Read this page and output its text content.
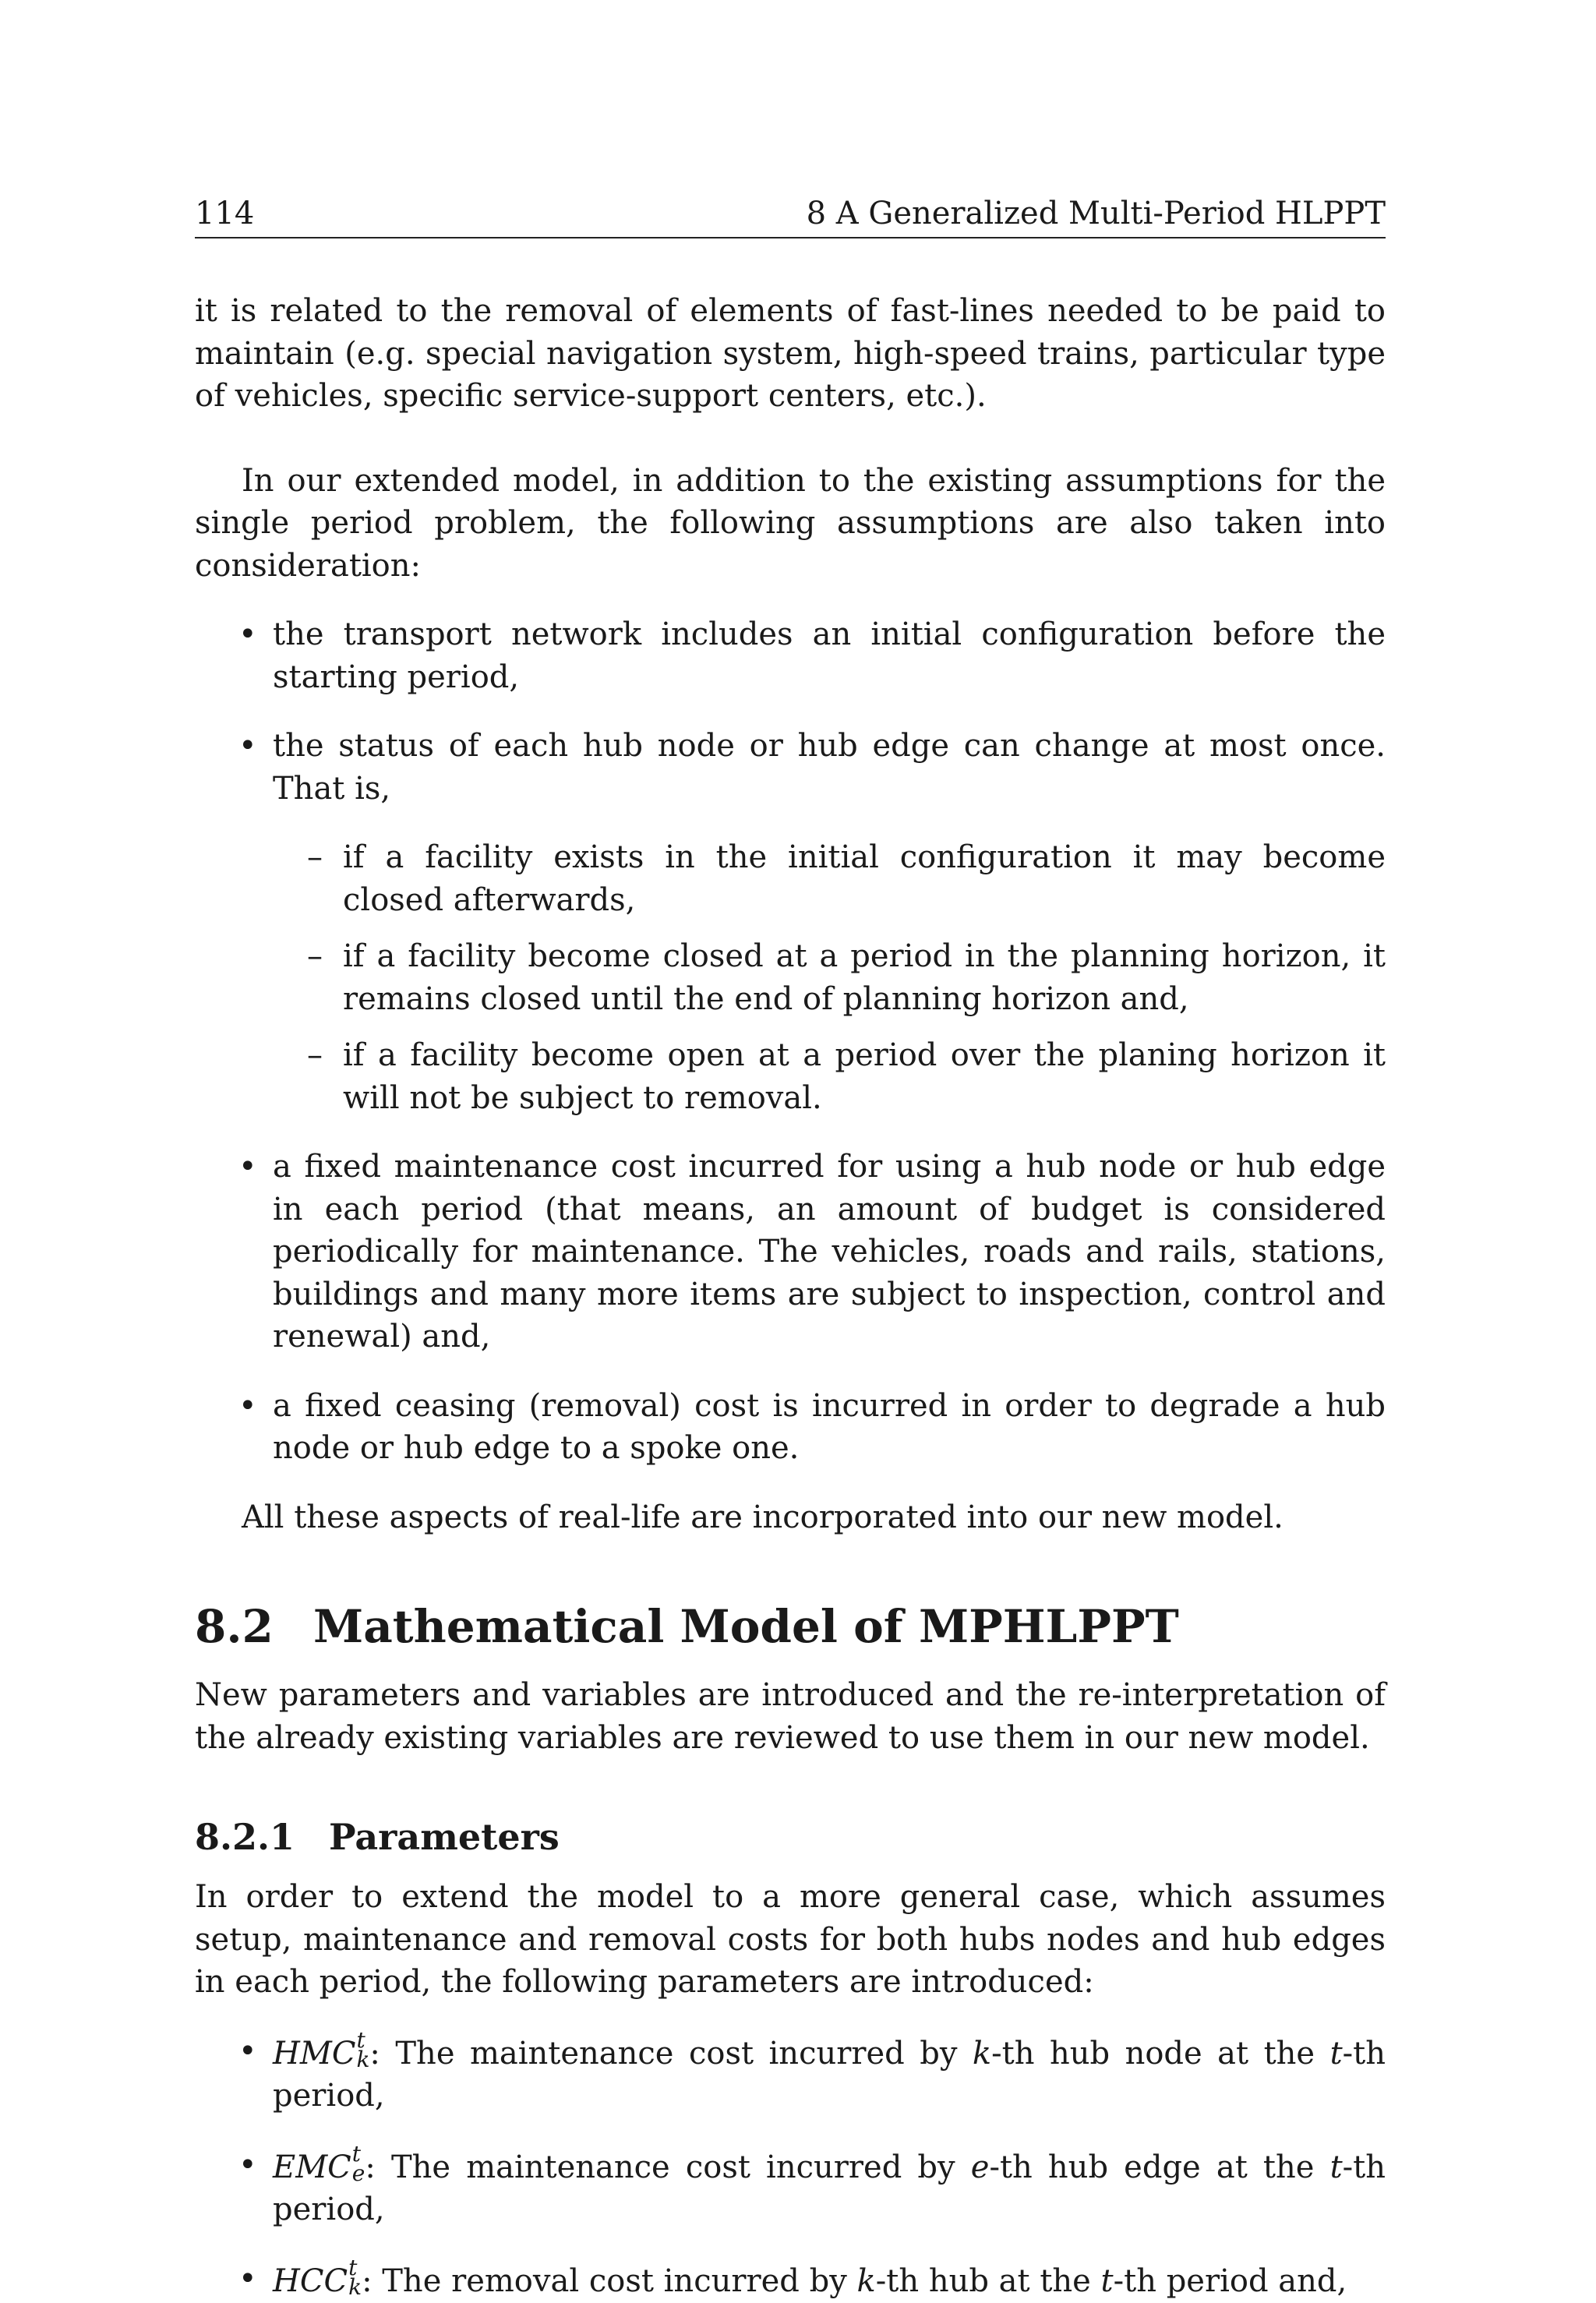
114	8 A Generalized Multi-Period HLPPT

it is related to the removal of elements of fast-lines needed to be paid to maintain (e.g. special navigation system, high-speed trains, particular type of vehicles, specific service-support centers, etc.).

In our extended model, in addition to the existing assumptions for the single period problem, the following assumptions are also taken into consideration:

• the transport network includes an initial configuration before the starting period,
• the status of each hub node or hub edge can change at most once. That is,
– if a facility exists in the initial configuration it may become closed afterwards,
– if a facility become closed at a period in the planning horizon, it remains closed until the end of planning horizon and,
– if a facility become open at a period over the planing horizon it will not be subject to removal.
• a fixed maintenance cost incurred for using a hub node or hub edge in each period (that means, an amount of budget is considered periodically for maintenance. The vehicles, roads and rails, stations, buildings and many more items are subject to inspection, control and renewal) and,
• a fixed ceasing (removal) cost is incurred in order to degrade a hub node or hub edge to a spoke one.

All these aspects of real-life are incorporated into our new model.

8.2 Mathematical Model of MPHLPPT

New parameters and variables are introduced and the re-interpretation of the already existing variables are reviewed to use them in our new model.

8.2.1 Parameters

In order to extend the model to a more general case, which assumes setup, maintenance and removal costs for both hubs nodes and hub edges in each period, the following parameters are introduced:

• HMC t
k : The maintenance cost incurred by k-th hub node at the t-th period,
• EMC t
e : The maintenance cost incurred by e-th hub edge at the t-th period,
• HCC t
k : The removal cost incurred by k-th hub at the t-th period and,
